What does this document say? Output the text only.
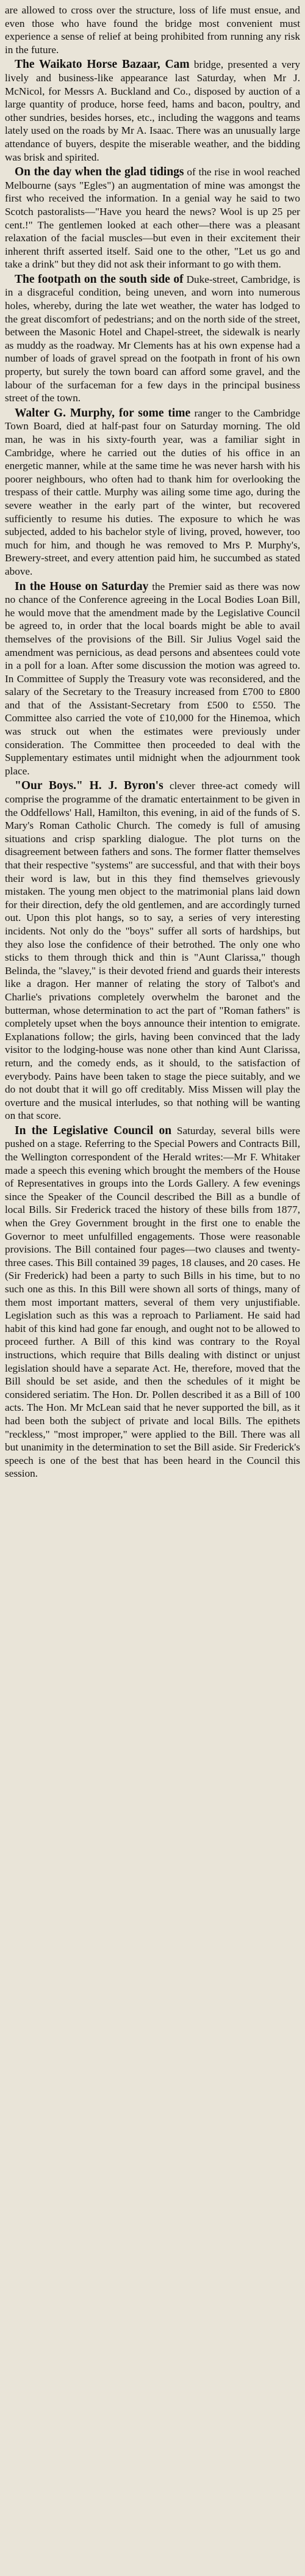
are allowed to cross over the structure, loss of life must ensue, and even those who have found the bridge most convenient must experience a sense of relief at being prohibited from running any risk in the future.

The Waikato Horse Bazaar, Cam bridge, presented a very lively and business-like appearance last Saturday, when Mr J. McNicol, for Messrs A. Buckland and Co., disposed by auction of a large quantity of produce, horse feed, hams and bacon, poultry, and other sundries, besides horses, etc., including the waggons and teams lately used on the roads by Mr A. Isaac. There was an unusually large attendance of buyers, despite the miserable weather, and the bidding was brisk and spirited.

On the day when the glad tidings of the rise in wool reached Melbourne (says "Egles") an augmentation of mine was amongst the first who received the information. In a genial way he said to two Scotch pastoralists—"Have you heard the news? Wool is up 25 per cent.!" The gentlemen looked at each other—there was a pleasant relaxation of the facial muscles—but even in their excitement their inherent thrift asserted itself. Said one to the other, "Let us go and take a drink" but they did not ask their informant to go with them.

The footpath on the south side of Duke-street, Cambridge, is in a disgraceful condition, being uneven, and worn into numerous holes, whereby, during the late wet weather, the water has lodged to the great discomfort of pedestrians; and on the north side of the street, between the Masonic Hotel and Chapel-street, the sidewalk is nearly as muddy as the roadway. Mr Clements has at his own expense had a number of loads of gravel spread on the footpath in front of his own property, but surely the town board can afford some gravel, and the labour of the surfaceman for a few days in the principal business street of the town.

Walter G. Murphy, for some time ranger to the Cambridge Town Board, died at half-past four on Saturday morning. The old man, he was in his sixty-fourth year, was a familiar sight in Cambridge, where he carried out the duties of his office in an energetic manner, while at the same time he was never harsh with his poorer neighbours, who often had to thank him for overlooking the trespass of their cattle. Murphy was ailing some time ago, during the severe weather in the early part of the winter, but recovered sufficiently to resume his duties. The exposure to which he was subjected, added to his bachelor style of living, proved, however, too much for him, and though he was removed to Mrs P. Murphy's, Brewery-street, and every attention paid him, he succumbed as stated above.

In the House on Saturday the Premier said as there was now no chance of the Conference agreeing in the Local Bodies Loan Bill, he would move that the amendment made by the Legislative Council be agreed to, in order that the local boards might be able to avail themselves of the provisions of the Bill. Sir Julius Vogel said the amendment was pernicious, as dead persons and absentees could vote in a poll for a loan. After some discussion the motion was agreed to. In Committee of Supply the Treasury vote was reconsidered, and the salary of the Secretary to the Treasury increased from £700 to £800 and that of the Assistant-Secretary from £500 to £550. The Committee also carried the vote of £10,000 for the Hinemoa, which was struck out when the estimates were previously under consideration. The Committee then proceeded to deal with the Supplementary estimates until midnight when the adjournment took place.

"Our Boys." H. J. Byron's clever three-act comedy will comprise the programme of the dramatic entertainment to be given in the Oddfellows' Hall, Hamilton, this evening, in aid of the funds of S. Mary's Roman Catholic Church. The comedy is full of amusing situations and crisp sparkling dialogue. The plot turns on the disagreement between fathers and sons. The former flatter themselves that their respective "systems" are successful, and that with their boys their word is law, but in this they find themselves grievously mistaken. The young men object to the matrimonial plans laid down for their direction, defy the old gentlemen, and are accordingly turned out. Upon this plot hangs, so to say, a series of very interesting incidents. Not only do the "boys" suffer all sorts of hardships, but they also lose the confidence of their betrothed. The only one who sticks to them through thick and thin is "Aunt Clarissa," though Belinda, the "slavey," is their devoted friend and guards their interests like a dragon. Her manner of relating the story of Talbot's and Charlie's privations completely overwhelm the baronet and the butterman, whose determination to act the part of "Roman fathers" is completely upset when the boys announce their intention to emigrate. Explanations follow; the girls, having been convinced that the lady visitor to the lodging-house was none other than kind Aunt Clarissa, return, and the comedy ends, as it should, to the satisfaction of everybody. Pains have been taken to stage the piece suitably, and we do not doubt that it will go off creditably. Miss Missen will play the overture and the musical interludes, so that nothing will be wanting on that score.

In the Legislative Council on Saturday, several bills were pushed on a stage. Referring to the Special Powers and Contracts Bill, the Wellington correspondent of the Herald writes:—Mr F. Whitaker made a speech this evening which brought the members of the House of Representatives in groups into the Lords Gallery. A few evenings since the Speaker of the Council described the Bill as a bundle of local Bills. Sir Frederick traced the history of these bills from 1877, when the Grey Government brought in the first one to enable the Governor to meet unfulfilled engagements. Those were reasonable provisions. The Bill contained four pages—two clauses and twenty-three cases. This Bill contained 39 pages, 18 clauses, and 20 cases. He (Sir Frederick) had been a party to such Bills in his time, but to no such one as this. In this Bill were shown all sorts of things, many of them most important matters, several of them very unjustifiable. Legislation such as this was a reproach to Parliament. He said had habit of this kind had gone far enough, and ought not to be allowed to proceed further. A Bill of this kind was contrary to the Royal instructions, which require that Bills dealing with distinct or unjust legislation should have a separate Act. He, therefore, moved that the Bill should be set aside, and then the schedules of it might be considered seriatim. The Hon. Dr. Pollen described it as a Bill of 100 acts. The Hon. Mr McLean said that he never supported the bill, as it had been both the subject of private and local Bills. The epithets "reckless," "most improper," were applied to the Bill. There was all but unanimity in the determination to set the Bill aside. Sir Frederick's speech is one of the best that has been heard in the Council this session.
